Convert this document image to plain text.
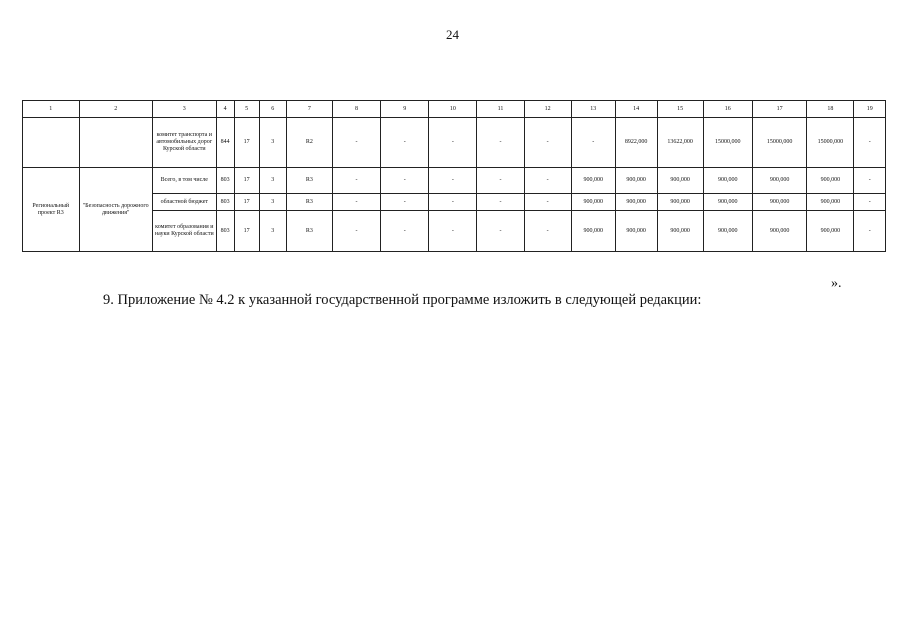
24
1	2	3	4	5	6	7	8	9	10	11	12	13	14	15	16	17	18	19
		комитет транспорта и автомобильных дорог Курской области	844	17	3	R2	-	-	-	-	-	-	8922,000	13622,000	15000,000	15000,000	15000,000	-
Региональный проект R3	"Безопасность дорожного движения"	Всего, в том числе	803	17	3	R3	-	-	-	-	-	900,000	900,000	900,000	900,000	900,000	900,000	-
		областной бюджет	803	17	3	R3	-	-	-	-	-	900,000	900,000	900,000	900,000	900,000	900,000	-
		комитет образования и науки Курской области	803	17	3	R3	-	-	-	-	-	900,000	900,000	900,000	900,000	900,000	900,000	-
».
9. Приложение № 4.2 к указанной государственной программе изложить в следующей редакции:
